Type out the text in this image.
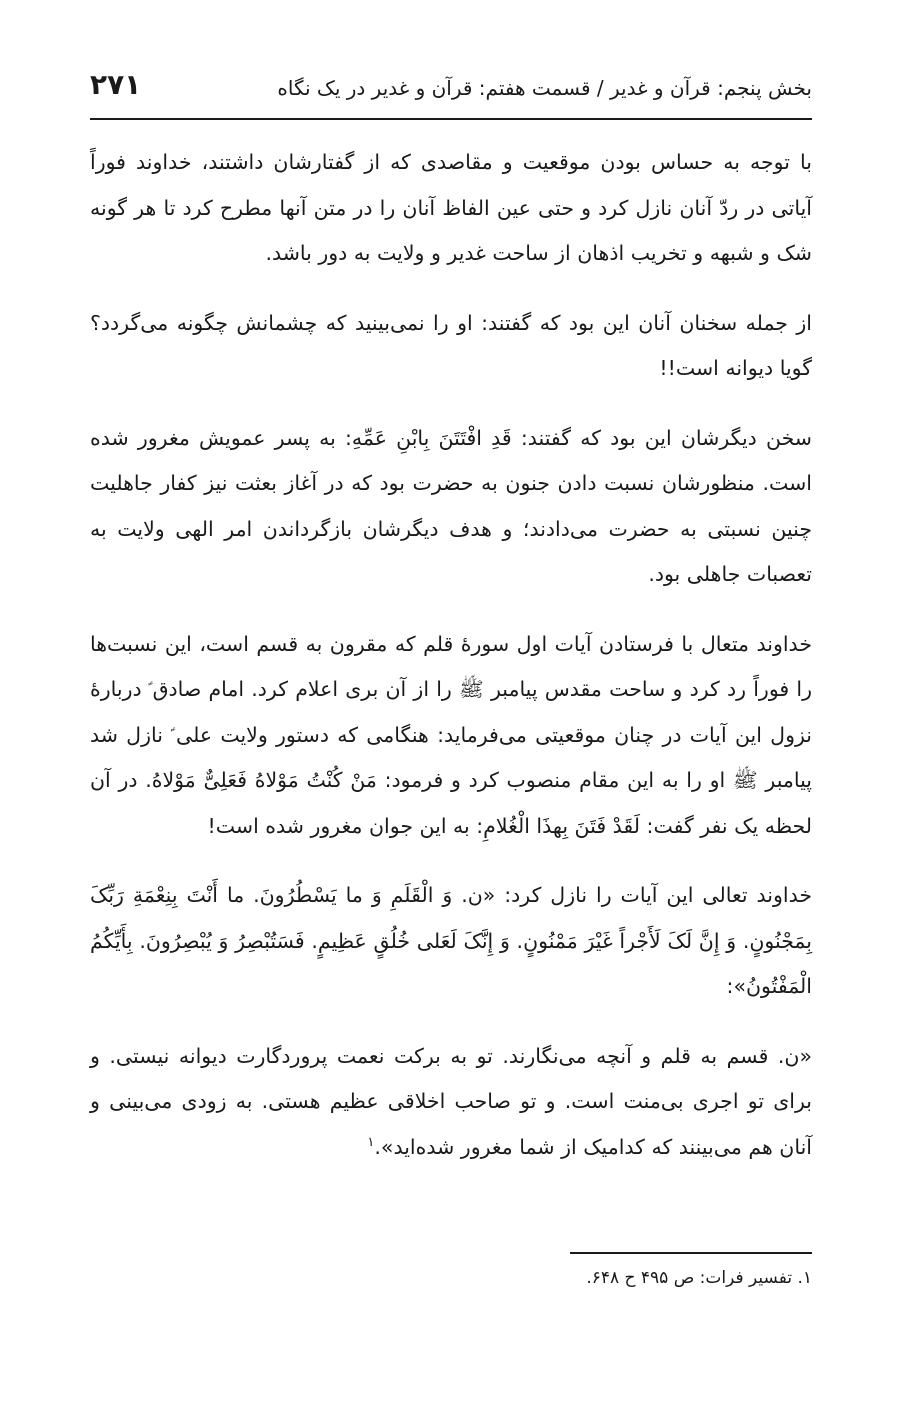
بخش پنجم: قرآن و غدیر / قسمت هفتم: قرآن و غدیر در یک نگاه
۲۷۱

با توجه به حساس بودن موقعیت و مقاصدی که از گفتارشان داشتند، خداوند فوراً آیاتی در ردّ آنان نازل کرد و حتی عین الفاظ آنان را در متن آنها مطرح کرد تا هر گونه شک و شبهه و تخریب اذهان از ساحت غدیر و ولایت به دور باشد.

از جمله سخنان آنان این بود که گفتند: او را نمی‌بینید که چشمانش چگونه می‌گردد؟ گویا دیوانه است!!

سخن دیگرشان این بود که گفتند: قَدِ افْتَتَنَ بِابْنِ عَمِّهِ: به پسر عمویش مغرور شده است. منظورشان نسبت دادن جنون به حضرت بود که در آغاز بعثت نیز کفار جاهلیت چنین نسبتی به حضرت می‌دادند؛ و هدف دیگرشان بازگرداندن امر الهی ولایت به تعصبات جاهلی بود.

خداوند متعال با فرستادن آیات اول سورهٔ قلم که مقرون به قسم است، این نسبت‌ها را فوراً رد کرد و ساحت مقدس پیامبر ﷺ را از آن بری اعلام کرد. امام صادق ؑ دربارهٔ نزول این آیات در چنان موقعیتی می‌فرماید: هنگامی که دستور ولایت علی ؑ نازل شد پیامبر ﷺ او را به این مقام منصوب کرد و فرمود: مَنْ کُنْتُ مَوْلاهُ فَعَلِیٌّ مَوْلاهُ. در آن لحظه یک نفر گفت: لَقَدْ فَتَنَ بِهذَا الْغُلامِ: به این جوان مغرور شده است!

خداوند تعالی این آیات را نازل کرد: «ن. وَ الْقَلَمِ وَ ما یَسْطُرُونَ. ما أَنْتَ بِنِعْمَةِ رَبِّکَ بِمَجْنُونٍ. وَ إِنَّ لَکَ لَأَجْراً غَیْرَ مَمْنُونٍ. وَ إِنَّکَ لَعَلی خُلُقٍ عَظِیمٍ. فَسَتُبْصِرُ وَ یُبْصِرُونَ. بِأَیِّکُمُ الْمَفْتُونُ»:

«ن. قسم به قلم و آنچه می‌نگارند. تو به برکت نعمت پروردگارت دیوانه نیستی. و برای تو اجری بی‌منت است. و تو صاحب اخلاقی عظیم هستی. به زودی می‌بینی و آنان هم می‌بینند که کدامیک از شما مغرور شده‌اید».$^۱$

۱. تفسیر فرات: ص ۴۹۵ ح ۶۴۸.
